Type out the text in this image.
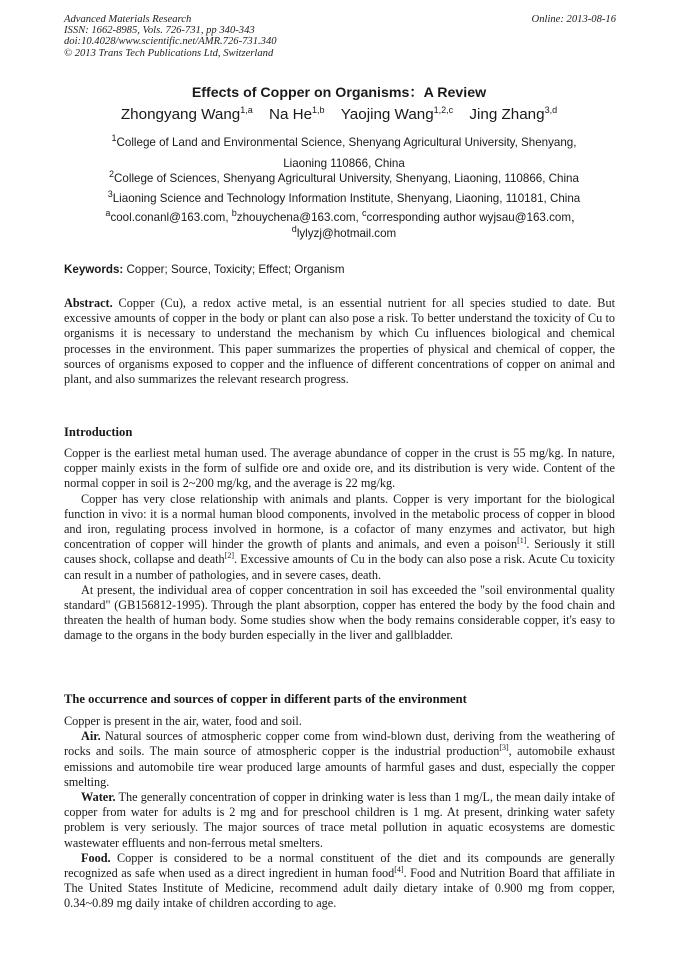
Advanced Materials Research
ISSN: 1662-8985, Vols. 726-731, pp 340-343
doi:10.4028/www.scientific.net/AMR.726-731.340
© 2013 Trans Tech Publications Ltd, Switzerland
Online: 2013-08-16
Effects of Copper on Organisms：A Review
Zhongyang Wang$^{1,a}$ Na He$^{1,b}$ Yaojing Wang$^{1,2,c}$ Jing Zhang$^{3,d}$
$^1$College of Land and Environmental Science, Shenyang Agricultural University, Shenyang,
Liaoning 110866, China
$^2$College of Sciences, Shenyang Agricultural University, Shenyang, Liaoning, 110866, China
$^3$Liaoning Science and Technology Information Institute, Shenyang, Liaoning, 110181, China
$^a$cool.conanl@163.com, $^b$zhouychena@163.com, $^c$corresponding author wyjsau@163.com，
$^d$lylyzj@hotmail.com
Keywords: Copper; Source, Toxicity; Effect; Organism

Abstract. Copper (Cu), a redox active metal, is an essential nutrient for all species studied to date. But excessive amounts of copper in the body or plant can also pose a risk. To better understand the toxicity of Cu to organisms it is necessary to understand the mechanism by which Cu influences biological and chemical processes in the environment. This paper summarizes the properties of physical and chemical of copper, the sources of organisms exposed to copper and the influence of different concentrations of copper on animal and plant, and also summarizes the relevant research progress.

Introduction

Copper is the earliest metal human used. The average abundance of copper in the crust is 55 mg/kg. In nature, copper mainly exists in the form of sulfide ore and oxide ore, and its distribution is very wide. Content of the normal copper in soil is 2~200 mg/kg, and the average is 22 mg/kg.

Copper has very close relationship with animals and plants. Copper is very important for the biological function in vivo: it is a normal human blood components, involved in the metabolic process of copper in blood and iron, regulating process involved in hormone, is a cofactor of many enzymes and activator, but high concentration of copper will hinder the growth of plants and animals, and even a poison[1]. Seriously it still causes shock, collapse and death[2]. Excessive amounts of Cu in the body can also pose a risk. Acute Cu toxicity can result in a number of pathologies, and in severe cases, death.

At present, the individual area of copper concentration in soil has exceeded the "soil environmental quality standard" (GB156812-1995). Through the plant absorption, copper has entered the body by the food chain and threaten the health of human body. Some studies show when the body remains considerable copper, it's easy to damage to the organs in the body burden especially in the liver and gallbladder.

The occurrence and sources of copper in different parts of the environment

Copper is present in the air, water, food and soil.

Air. Natural sources of atmospheric copper come from wind-blown dust, deriving from the weathering of rocks and soils. The main source of atmospheric copper is the industrial production[3], automobile exhaust emissions and automobile tire wear produced large amounts of harmful gases and dust, especially the copper smelting.

Water. The generally concentration of copper in drinking water is less than 1 mg/L, the mean daily intake of copper from water for adults is 2 mg and for preschool children is 1 mg. At present, drinking water safety problem is very seriously. The major sources of trace metal pollution in aquatic ecosystems are domestic wastewater effluents and non-ferrous metal smelters.

Food. Copper is considered to be a normal constituent of the diet and its compounds are generally recognized as safe when used as a direct ingredient in human food[4]. Food and Nutrition Board that affiliate in The United States Institute of Medicine, recommend adult daily dietary intake of 0.900 mg from copper, 0.34~0.89 mg daily intake of children according to age.
